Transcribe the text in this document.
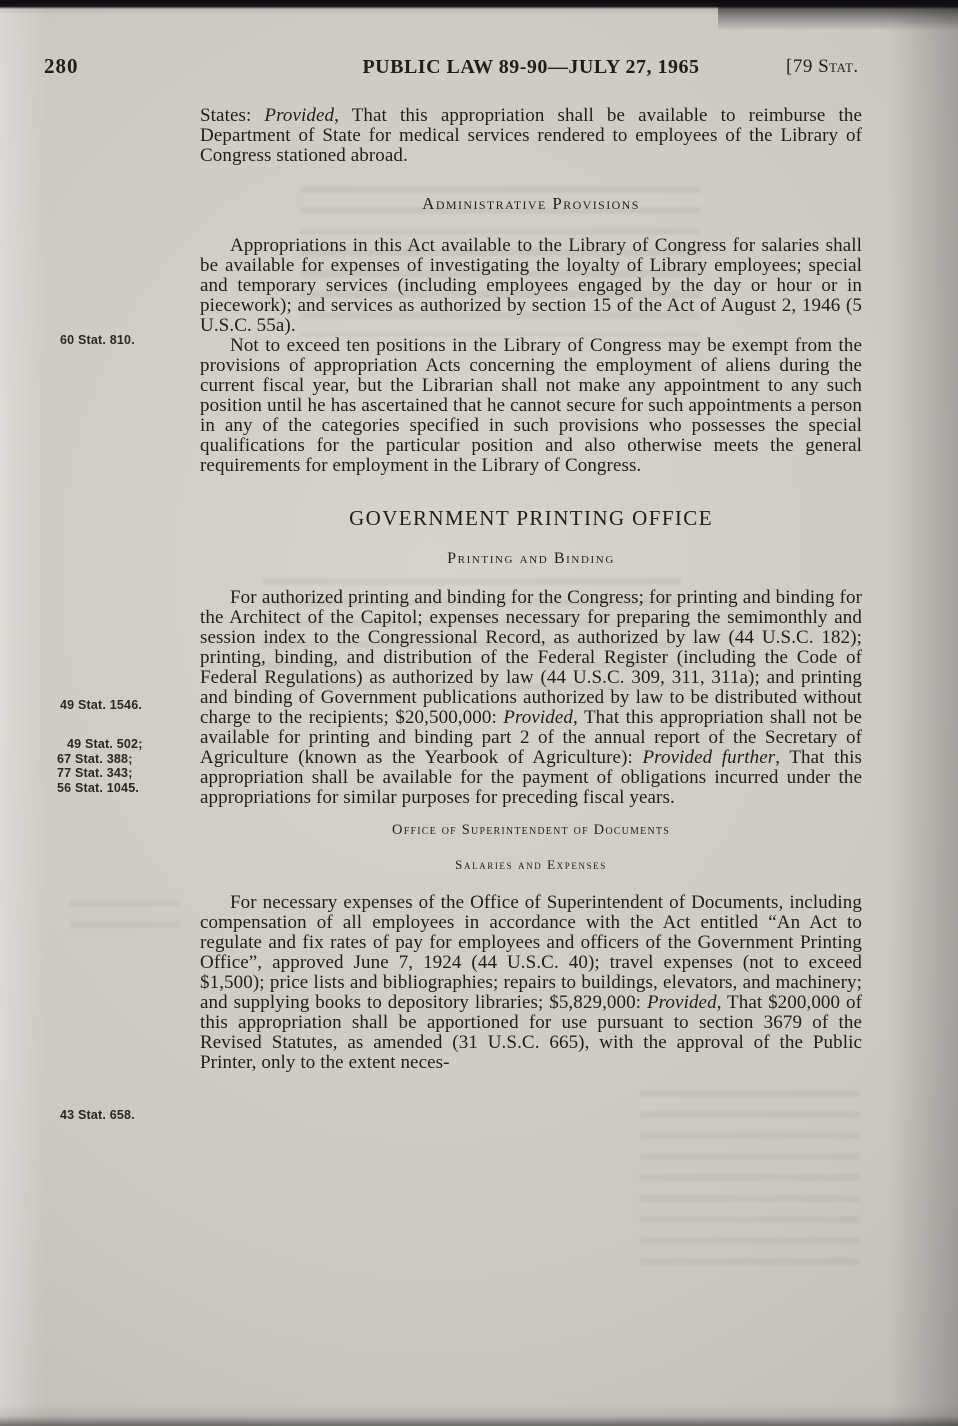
280	PUBLIC LAW 89-90—JULY 27, 1965	[79 Stat.
60 Stat. 810.
49 Stat. 1546.
49 Stat. 502;
67 Stat. 388;
77 Stat. 343;
56 Stat. 1045.
43 Stat. 658.

States: Provided, That this appropriation shall be available to reimburse the Department of State for medical services rendered to employees of the Library of Congress stationed abroad.

Administrative Provisions

Appropriations in this Act available to the Library of Congress for salaries shall be available for expenses of investigating the loyalty of Library employees; special and temporary services (including employees engaged by the day or hour or in piecework); and services as authorized by section 15 of the Act of August 2, 1946 (5 U.S.C. 55a).

Not to exceed ten positions in the Library of Congress may be exempt from the provisions of appropriation Acts concerning the employment of aliens during the current fiscal year, but the Librarian shall not make any appointment to any such position until he has ascertained that he cannot secure for such appointments a person in any of the categories specified in such provisions who possesses the special qualifications for the particular position and also otherwise meets the general requirements for employment in the Library of Congress.

GOVERNMENT PRINTING OFFICE
Printing and Binding

For authorized printing and binding for the Congress; for printing and binding for the Architect of the Capitol; expenses necessary for preparing the semimonthly and session index to the Congressional Record, as authorized by law (44 U.S.C. 182); printing, binding, and distribution of the Federal Register (including the Code of Federal Regulations) as authorized by law (44 U.S.C. 309, 311, 311a); and printing and binding of Government publications authorized by law to be distributed without charge to the recipients; $20,500,000: Provided, That this appropriation shall not be available for printing and binding part 2 of the annual report of the Secretary of Agriculture (known as the Yearbook of Agriculture): Provided further, That this appropriation shall be available for the payment of obligations incurred under the appropriations for similar purposes for preceding fiscal years.

Office of Superintendent of Documents
Salaries and Expenses

For necessary expenses of the Office of Superintendent of Documents, including compensation of all employees in accordance with the Act entitled “An Act to regulate and fix rates of pay for employees and officers of the Government Printing Office”, approved June 7, 1924 (44 U.S.C. 40); travel expenses (not to exceed $1,500); price lists and bibliographies; repairs to buildings, elevators, and machinery; and supplying books to depository libraries; $5,829,000: Provided, That $200,000 of this appropriation shall be apportioned for use pursuant to section 3679 of the Revised Statutes, as amended (31 U.S.C. 665), with the approval of the Public Printer, only to the extent neces-
